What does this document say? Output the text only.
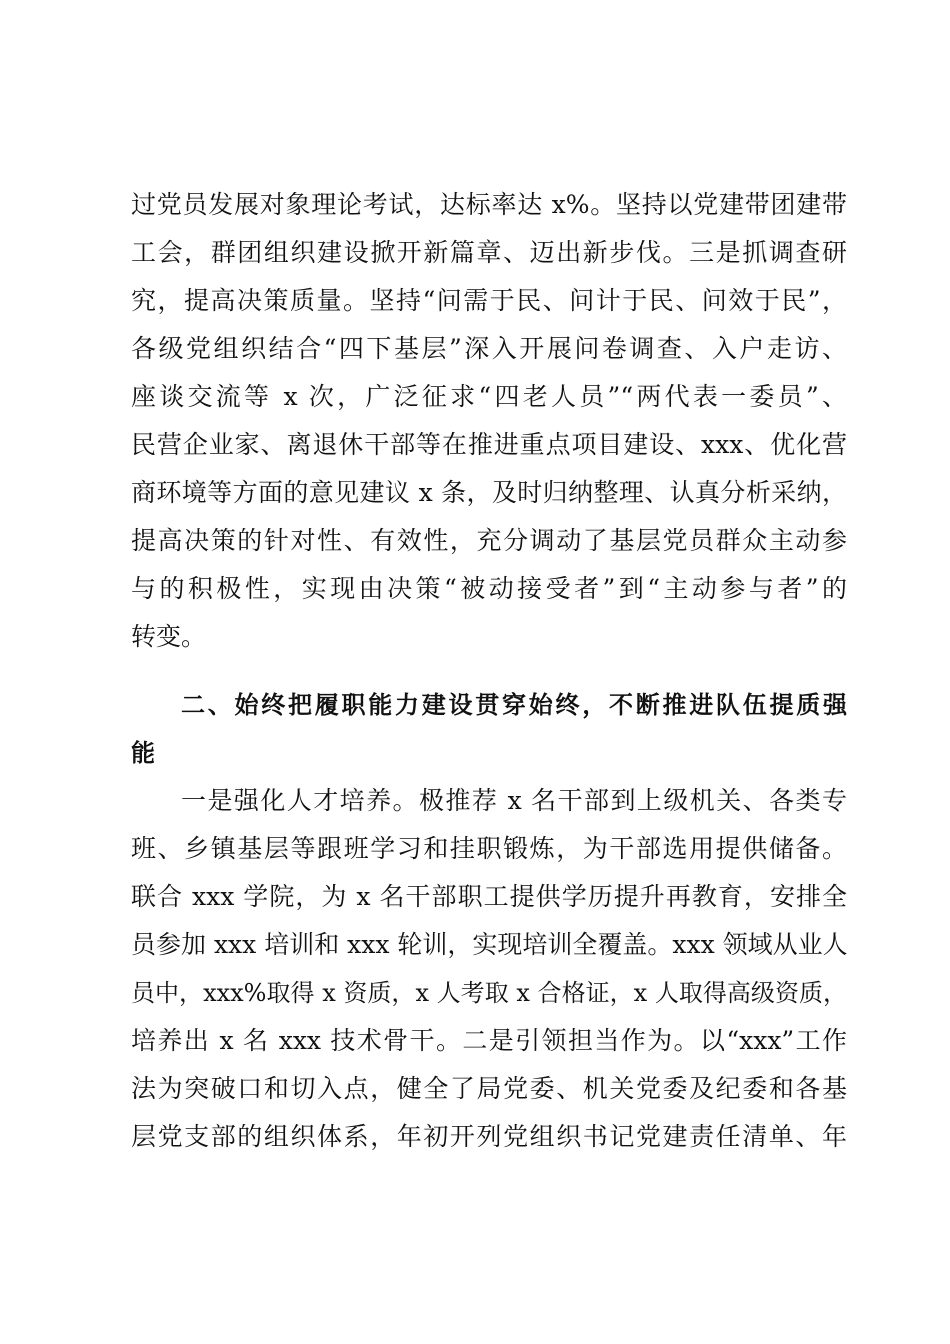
过党员发展对象理论考试，达标率达 x%。坚持以党建带团建带
工会，群团组织建设掀开新篇章、迈出新步伐。三是抓调查研
究，提高决策质量。坚持“问需于民、问计于民、问效于民”，
各级党组织结合“四下基层”深入开展问卷调查、入户走访、
座谈交流等 x 次，广泛征求“四老人员”“两代表一委员”、
民营企业家、离退休干部等在推进重点项目建设、xxx、优化营
商环境等方面的意见建议 x 条，及时归纳整理、认真分析采纳，
提高决策的针对性、有效性，充分调动了基层党员群众主动参
与的积极性，实现由决策“被动接受者”到“主动参与者”的
转变。
二、始终把履职能力建设贯穿始终，不断推进队伍提质强
能
一是强化人才培养。极推荐 x 名干部到上级机关、各类专
班、乡镇基层等跟班学习和挂职锻炼，为干部选用提供储备。
联合 xxx 学院，为 x 名干部职工提供学历提升再教育，安排全
员参加 xxx 培训和 xxx 轮训，实现培训全覆盖。xxx 领域从业人
员中，xxx%取得 x 资质，x 人考取 x 合格证，x 人取得高级资质，
培养出 x 名 xxx 技术骨干。二是引领担当作为。以“xxx”工作
法为突破口和切入点，健全了局党委、机关党委及纪委和各基
层党支部的组织体系，年初开列党组织书记党建责任清单、年
